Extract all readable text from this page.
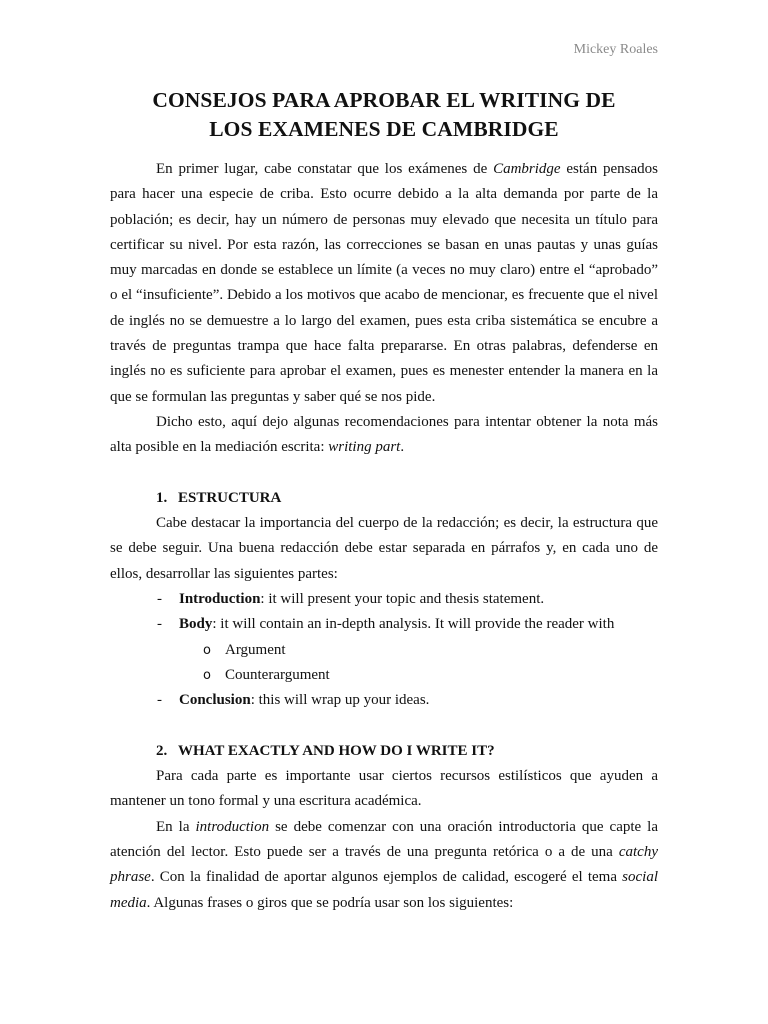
Mickey Roales
CONSEJOS PARA APROBAR EL WRITING DE
LOS EXAMENES DE CAMBRIDGE

En primer lugar, cabe constatar que los exámenes de Cambridge están pensados para hacer una especie de criba. Esto ocurre debido a la alta demanda por parte de la población; es decir, hay un número de personas muy elevado que necesita un título para certificar su nivel. Por esta razón, las correcciones se basan en unas pautas y unas guías muy marcadas en donde se establece un límite (a veces no muy claro) entre el “aprobado” o el “insuficiente”. Debido a los motivos que acabo de mencionar, es frecuente que el nivel de inglés no se demuestre a lo largo del examen, pues esta criba sistemática se encubre a través de preguntas trampa que hace falta prepararse. En otras palabras, defenderse en inglés no es suficiente para aprobar el examen, pues es menester entender la manera en la que se formulan las preguntas y saber qué se nos pide.

Dicho esto, aquí dejo algunas recomendaciones para intentar obtener la nota más alta posible en la mediación escrita: writing part.

1. ESTRUCTURA

Cabe destacar la importancia del cuerpo de la redacción; es decir, la estructura que se debe seguir. Una buena redacción debe estar separada en párrafos y, en cada uno de ellos, desarrollar las siguientes partes:

- Introduction: it will present your topic and thesis statement.
- Body: it will contain an in-depth analysis. It will provide the reader with
o Argument
o Counterargument
- Conclusion: this will wrap up your ideas.
2. WHAT EXACTLY AND HOW DO I WRITE IT?

Para cada parte es importante usar ciertos recursos estilísticos que ayuden a mantener un tono formal y una escritura académica.

En la introduction se debe comenzar con una oración introductoria que capte la atención del lector. Esto puede ser a través de una pregunta retórica o a de una catchy phrase. Con la finalidad de aportar algunos ejemplos de calidad, escogeré el tema social media. Algunas frases o giros que se podría usar son los siguientes:
